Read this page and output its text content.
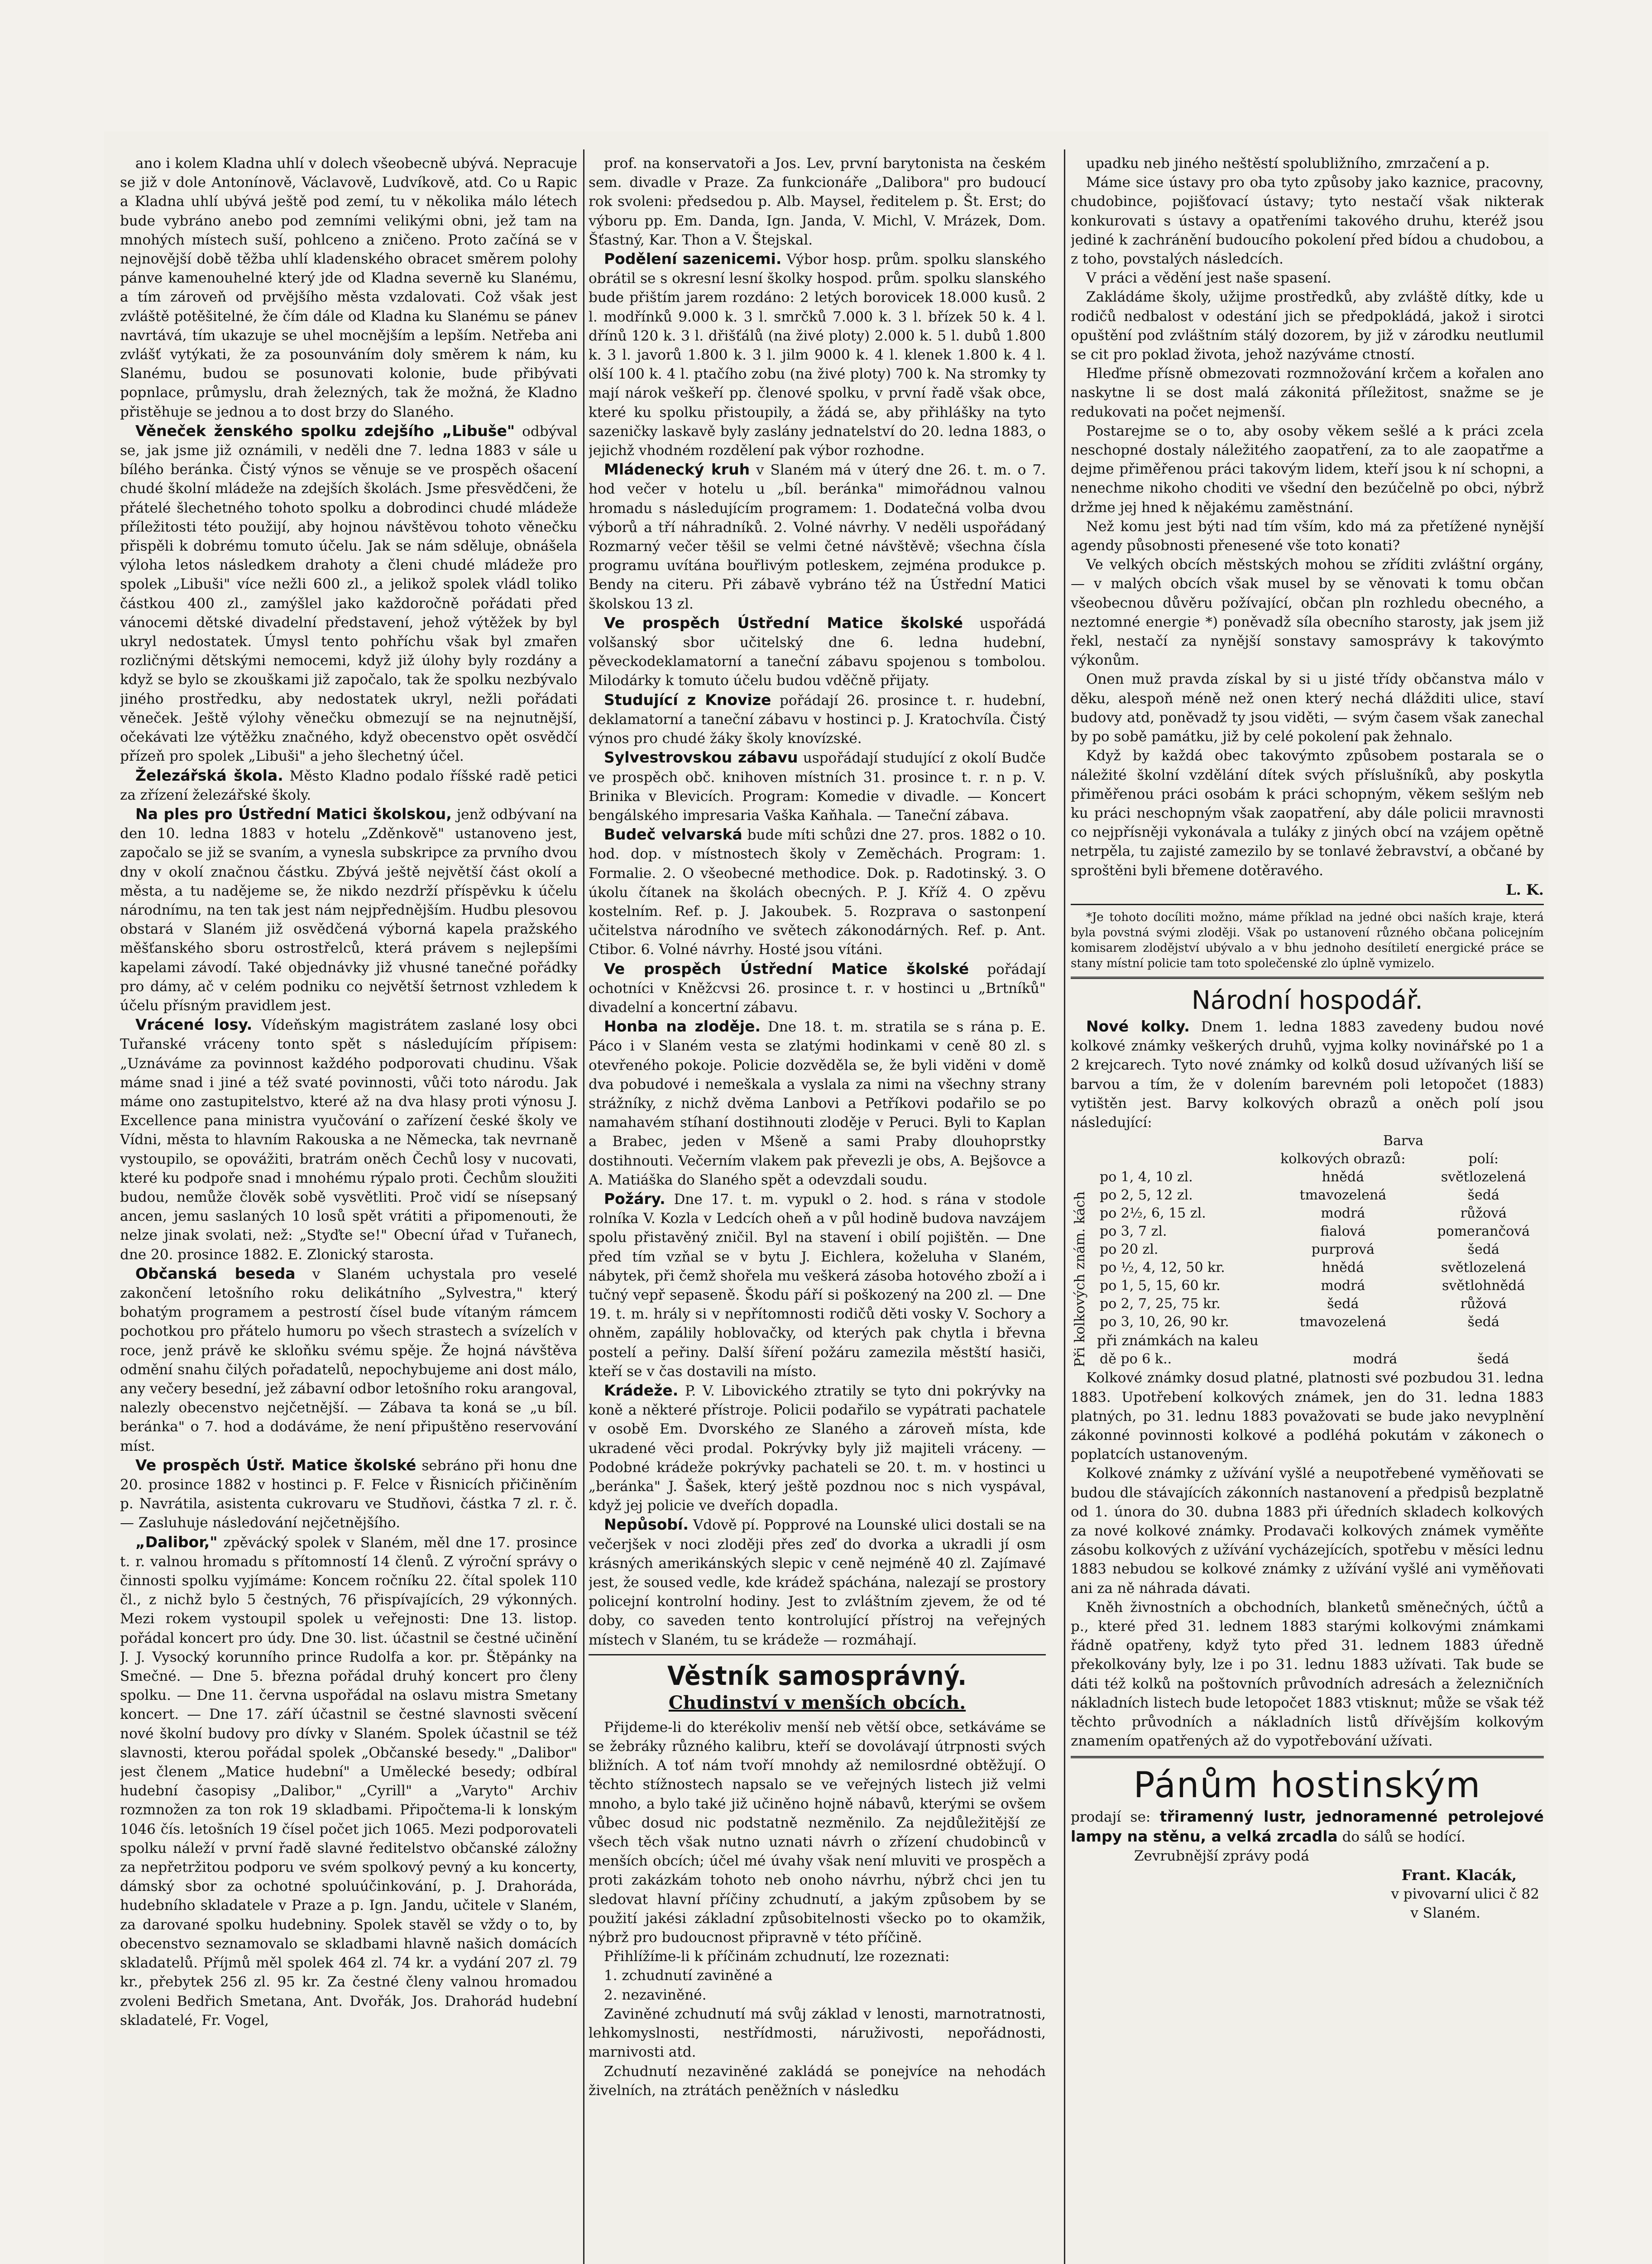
ano i kolem Kladna uhlí v dolech všeobecně ubývá. Nepracuje se již v dole Antonínově, Václavově, Ludvíkově, atd. Co u Rapic a Kladna uhlí ubývá ještě pod zemí, tu v několika málo létech bude vybráno anebo pod zemními velikými obni, jež tam na mnohých místech suší, pohlceno a zničeno. Proto začíná se v nejnovější době těžba uhlí kladenského obracet směrem polohy pánve kamenouhelné který jde od Kladna severně ku Slanému, a tím zároveň od prvějšího města vzdalovati. Což však jest zvláště potěšitelné, že čím dále od Kladna ku Slanému se pánev navrtává, tím ukazuje se uhel mocnějším a lepším. Netřeba ani zvlášť vytýkati, že za posounváním doly směrem k nám, ku Slanému, budou se posunovati kolonie, bude přibývati popnlace, průmyslu, drah železných, tak že možná, že Kladno přistěhuje se jednou a to dost brzy do Slaného.

Věneček ženského spolku zdejšího „Libuše" odbýval se, jak jsme již oznámili, v neděli dne 7. ledna 1883 v sále u bílého beránka. Čistý výnos se věnuje se ve prospěch ošacení chudé školní mládeže na zdejších školách. Jsme přesvědčeni, že přátelé šlechetného tohoto spolku a dobrodinci chudé mládeže příležitosti této použijí, aby hojnou návštěvou tohoto věnečku přispěli k dobrému tomuto účelu. Jak se nám sděluje, obnášela výloha letos následkem drahoty a členi chudé mládeže pro spolek „Libuši" více nežli 600 zl., a jelikož spolek vládl toliko částkou 400 zl., zamýšlel jako každoročně pořádati před vánocemi dětské divadelní představení, jehož výtěžek by byl ukryl nedostatek. Úmysl tento pohříchu však byl zmařen rozličnými dětskými nemocemi, když již úlohy byly rozdány a když se bylo se zkouškami již započalo, tak že spolku nezbývalo jiného prostředku, aby nedostatek ukryl, nežli pořádati věneček. Ještě výlohy věnečku obmezují se na nejnutnější, očekávati lze výtěžku značného, když obecenstvo opět osvědčí přízeň pro spolek „Libuši" a jeho šlechetný účel.

Železářská škola. Město Kladno podalo říšské radě petici za zřízení železářské školy.

Na ples pro Ústřední Matici školskou, jenž odbývaní na den 10. ledna 1883 v hotelu „Zděnkově" ustanoveno jest, započalo se již se svaním, a vynesla subskripce za prvního dvou dny v okolí značnou částku. Zbývá ještě největší část okolí a města, a tu nadějeme se, že nikdo nezdrží příspěvku k účelu národnímu, na ten tak jest nám nejpřednějším. Hudbu plesovou obstará v Slaném již osvědčená výborná kapela pražského měšťanského sboru ostrostřelců, která právem s nejlepšími kapelami závodí. Také objednávky již vhusné tanečné pořádky pro dámy, ač v celém podniku co největší šetrnost vzhledem k účelu přísným pravidlem jest.

Vrácené losy. Vídeňským magistrátem zaslané losy obci Tuřanské vráceny tonto spět s následujícím přípisem: „Uznáváme za povinnost každého podporovati chudinu. Však máme snad i jiné a též svaté povinnosti, vůči toto národu. Jak máme ono zastupitelstvo, které až na dva hlasy proti výnosu J. Excellence pana ministra vyučování o zařízení české školy ve Vídni, města to hlavním Rakouska a ne Německa, tak nevrnaně vystoupilo, se opovážiti, bratrám oněch Čechů losy v nucovati, které ku podpoře snad i mnohému rýpalo proti. Čechům sloužiti budou, nemůže člověk sobě vysvětliti. Proč vidí se nísepsaný ancen, jemu saslaných 10 losů spět vrátiti a připomenouti, že nelze jinak svolati, než: „Styďte se!" Obecní úřad v Tuřanech, dne 20. prosince 1882. E. Zlonický starosta.

Občanská beseda v Slaném uchystala pro veselé zakončení letošního roku delikátního „Sylvestra," který bohatým programem a pestrostí čísel bude vítaným rámcem pochotkou pro přátelo humoru po všech strastech a svízelích v roce, jenž právě ke skloňku svému spěje. Že hojná návštěva odmění snahu čilých pořadatelů, nepochybujeme ani dost málo, any večery besední, jež zábavní odbor letošního roku arangoval, nalezly obecenstvo nejčetnější. — Zábava ta koná se „u bíl. beránka" o 7. hod a dodáváme, že není připuštěno reservování míst.

Ve prospěch Ústř. Matice školské sebráno při honu dne 20. prosince 1882 v hostinci p. F. Felce v Řisnicích přičiněním p. Navrátila, asistenta cukrovaru ve Studňovi, částka 7 zl. r. č. — Zasluhuje následování nejčetnějšího.

„Dalibor," zpěvácký spolek v Slaném, měl dne 17. prosince t. r. valnou hromadu s přítomností 14 členů. Z výroční správy o činnosti spolku vyjímáme: Koncem ročníku 22. čítal spolek 110 čl., z nichž bylo 5 čestných, 76 přispívajících, 29 výkonných. Mezi rokem vystoupil spolek u veřejnosti: Dne 13. listop. pořádal koncert pro údy. Dne 30. list. účastnil se čestné učinění J. J. Vysocký korunního prince Rudolfa a kor. pr. Štěpánky na Smečné. — Dne 5. března pořádal druhý koncert pro členy spolku. — Dne 11. června uspořádal na oslavu mistra Smetany koncert. — Dne 17. září účastnil se čestné slavnosti svěcení nové školní budovy pro dívky v Slaném. Spolek účastnil se též slavnosti, kterou pořádal spolek „Občanské besedy." „Dalibor" jest členem „Matice hudební" a Umělecké besedy; odbíral hudební časopisy „Dalibor," „Cyrill" a „Varyto" Archiv rozmnožen za ton rok 19 skladbami. Připočtema-li k lonským 1046 čís. letošních 19 čísel počet jich 1065. Mezi podporovateli spolku náleží v první řadě slavné ředitelstvo občanské záložny za nepřetržitou podporu ve svém spolkový pevný a ku koncerty, dámský sbor za ochotné spoluúčinkování, p. J. Drahoráda, hudebního skladatele v Praze a p. Ign. Jandu, učitele v Slaném, za darované spolku hudebniny. Spolek stavěl se vždy o to, by obecenstvo seznamovalo se skladbami hlavně našich domácích skladatelů. Příjmů měl spolek 464 zl. 74 kr. a vydání 207 zl. 79 kr., přebytek 256 zl. 95 kr. Za čestné členy valnou hromadou zvoleni Bedřich Smetana, Ant. Dvořák, Jos. Drahorád hudební skladatelé, Fr. Vogel,

prof. na konservatoři a Jos. Lev, první barytonista na českém sem. divadle v Praze. Za funkcionáře „Dalibora" pro budoucí rok svoleni: předsedou p. Alb. Maysel, ředitelem p. Št. Erst; do výboru pp. Em. Danda, Ign. Janda, V. Michl, V. Mrázek, Dom. Šťastný, Kar. Thon a V. Štejskal.

Podělení sazenicemi. Výbor hosp. prům. spolku slanského obrátil se s okresní lesní školky hospod. prům. spolku slanského bude přištím jarem rozdáno: 2 letých borovicek 18.000 kusů. 2 l. modřínků 9.000 k. 3 l. smrčků 7.000 k. 3 l. břízek 50 k. 4 l. dřínů 120 k. 3 l. dřišťálů (na živé ploty) 2.000 k. 5 l. dubů 1.800 k. 3 l. javorů 1.800 k. 3 l. jilm 9000 k. 4 l. klenek 1.800 k. 4 l. olší 100 k. 4 l. ptačího zobu (na živé ploty) 700 k. Na stromky ty mají nárok veškeří pp. členové spolku, v první řadě však obce, které ku spolku přistoupily, a žádá se, aby přihlášky na tyto sazeničky laskavě byly zaslány jednatelství do 20. ledna 1883, o jejichž vhodném rozdělení pak výbor rozhodne.

Mládenecký kruh v Slaném má v úterý dne 26. t. m. o 7. hod večer v hotelu u „bíl. beránka" mimořádnou valnou hromadu s následujícím programem: 1. Dodatečná volba dvou výborů a tří náhradníků. 2. Volné návrhy. V neděli uspořádaný Rozmarný večer těšil se velmi četné návštěvě; všechna čísla programu uvítána bouřlivým potleskem, zejména produkce p. Bendy na citeru. Při zábavě vybráno též na Ústřední Matici školskou 13 zl.

Ve prospěch Ústřední Matice školské uspořádá volšanský sbor učitelský dne 6. ledna hudební, pěveckodeklamatorní a taneční zábavu spojenou s tombolou. Milodárky k tomuto účelu budou vděčně přijaty.

Studující z Knovize pořádají 26. prosince t. r. hudební, deklamatorní a taneční zábavu v hostinci p. J. Kratochvíla. Čistý výnos pro chudé žáky školy knovízské.

Sylvestrovskou zábavu uspořádají studující z okolí Budče ve prospěch obč. knihoven místních 31. prosince t. r. n p. V. Brinika v Blevicích. Program: Komedie v divadle. — Koncert bengálského impresaria Vaška Kaňhala. — Taneční zábava.

Budeč velvarská bude míti schůzi dne 27. pros. 1882 o 10. hod. dop. v místnostech školy v Zeměchách. Program: 1. Formalie. 2. O všeobecné methodice. Dok. p. Radotinský. 3. O úkolu čítanek na školách obecných. P. J. Kříž 4. O zpěvu kostelním. Ref. p. J. Jakoubek. 5. Rozprava o sastonpení učitelstva národního ve světech zákonodárných. Ref. p. Ant. Ctibor. 6. Volné návrhy. Hosté jsou vítáni.

Ve prospěch Ústřední Matice školské pořádají ochotníci v Kněžcvsi 26. prosince t. r. v hostinci u „Brtníků" divadelní a koncertní zábavu.

Honba na zloděje. Dne 18. t. m. stratila se s rána p. E. Páco i v Slaném vesta se zlatými hodinkami v ceně 80 zl. s otevřeného pokoje. Policie dozvěděla se, že byli viděni v domě dva pobudové i nemeškala a vyslala za nimi na všechny strany strážníky, z nichž dvěma Lanbovi a Petříkovi podařilo se po namahavém stíhaní dostihnouti zloděje v Peruci. Byli to Kaplan a Brabec, jeden v Mšeně a sami Praby dlouhoprstky dostihnouti. Večerním vlakem pak převezli je obs, A. Bejšovce a A. Matiáška do Slaného spět a odevzdali soudu.

Požáry. Dne 17. t. m. vypukl o 2. hod. s rána v stodole rolníka V. Kozla v Ledcích oheň a v půl hodině budova navzájem spolu přistavěný zničil. Byl na stavení i obilí pojištěn. — Dne před tím vzňal se v bytu J. Eichlera, koželuha v Slaném, nábytek, při čemž shořela mu veškerá zásoba hotového zboží a i tučný vepř sepaseně. Škodu páří si poškozený na 200 zl. — Dne 19. t. m. hrály si v nepřítomnosti rodičů děti vosky V. Sochory a ohněm, zapálily hoblovačky, od kterých pak chytla i břevna postelí a peřiny. Další šíření požáru zamezila městští hasiči, kteří se v čas dostavili na místo.

Krádeže. P. V. Libovického ztratily se tyto dni pokrývky na koně a některé přístroje. Policii podařilo se vypátrati pachatele v osobě Em. Dvorského ze Slaného a zároveň místa, kde ukradené věci prodal. Pokrývky byly již majiteli vráceny. — Podobné krádeže pokrývky pachateli se 20. t. m. v hostinci u „beránka" J. Šašek, který ještě pozdnou noc s nich vyspával, když jej policie ve dveřích dopadla.

Nepůsobí. Vdově pí. Popprové na Lounské ulici dostali se na večerjšek v noci zloději přes zeď do dvorka a ukradli jí osm krásných amerikánských slepic v ceně nejméně 40 zl. Zajímavé jest, že soused vedle, kde krádež spáchána, nalezají se prostory policejní kontrolní hodiny. Jest to zvláštním zjevem, že od té doby, co saveden tento kontrolující přístroj na veřejných místech v Slaném, tu se krádeže — rozmáhají.

Věstník samosprávný.
Chudinství v menších obcích.

Přijdeme-li do kterékoliv menší neb větší obce, setkáváme se se žebráky různého kalibru, kteří se dovolávají útrpnosti svých bližních. A toť nám tvoří mnohdy až nemilosrdné obtěžují. O těchto stížnostech napsalo se ve veřejných listech již velmi mnoho, a bylo také již učiněno hojně nábavů, kterými se ovšem vůbec dosud nic podstatně nezměnilo. Za nejdůležitější ze všech těch však nutno uznati návrh o zřízení chudobinců v menších obcích; účel mé úvahy však není mluviti ve prospěch a proti zakázkám tohoto neb onoho návrhu, nýbrž chci jen tu sledovat hlavní příčiny zchudnutí, a jakým způsobem by se použití jakési základní způsobitelnosti všecko po to okamžik, nýbrž pro budoucnost připravně v této příčině.

Přihlížíme-li k příčinám zchudnutí, lze rozeznati:

1. zchudnutí zaviněné a

2. nezaviněné.

Zaviněné zchudnutí má svůj základ v lenosti, marnotratnosti, lehkomyslnosti, nestřídmosti, náruživosti, nepořádnosti, marnivosti atd.

Zchudnutí nezaviněné zakládá se ponejvíce na nehodách živelních, na ztrátách peněžních v následku

upadku neb jiného neštěstí spolubližního, zmrzačení a p.

Máme sice ústavy pro oba tyto způsoby jako kaznice, pracovny, chudobince, pojišťovací ústavy; tyto nestačí však nikterak konkurovati s ústavy a opatřeními takového druhu, kteréž jsou jediné k zachránění budoucího pokolení před bídou a chudobou, a z toho, povstalých následcích.

V práci a vědění jest naše spasení.

Zakládáme školy, užijme prostředků, aby zvláště dítky, kde u rodičů nedbalost v odestání jich se předpokládá, jakož i sirotci opuštění pod zvláštním stálý dozorem, by již v zárodku neutlumil se cit pro poklad života, jehož nazýváme ctností.

Hleďme přísně obmezovati rozmnožování krčem a kořalen ano naskytne li se dost malá zákonitá příležitost, snažme se je redukovati na počet nejmenší.

Postarejme se o to, aby osoby věkem sešlé a k práci zcela neschopné dostaly náležitého zaopatření, za to ale zaopatřme a dejme přiměřenou práci takovým lidem, kteří jsou k ní schopni, a nenechme nikoho choditi ve všední den bezúčelně po obci, nýbrž držme jej hned k nějakému zaměstnání.

Než komu jest býti nad tím vším, kdo má za přetížené nynější agendy působnosti přenesené vše toto konati?

Ve velkých obcích městských mohou se zříditi zvláštní orgány, — v malých obcích však musel by se věnovati k tomu občan všeobecnou důvěru požívající, občan pln rozhledu obecného, a neztomné energie *) poněvadž síla obecního starosty, jak jsem již řekl, nestačí za nynější sonstavy samosprávy k takovýmto výkonům.

Onen muž pravda získal by si u jisté třídy občanstva málo v děku, alespoň méně než onen který nechá dlážditi ulice, staví budovy atd, poněvadž ty jsou viděti, — svým časem však zanechal by po sobě památku, již by celé pokolení pak žehnalo.

Když by každá obec takovýmto způsobem postarala se o náležité školní vzdělání dítek svých příslušníků, aby poskytla přiměřenou práci osobám k práci schopným, věkem sešlým neb ku práci neschopným však zaopatření, aby dále policii mravnosti co nejpřísněji vykonávala a tuláky z jiných obcí na vzájem opětně netrpěla, tu zajisté zamezilo by se tonlavé žebravství, a občané by sproštěni byli břemene dotěravého.

L. K.

*Je tohoto docíliti možno, máme příklad na jedné obci naších kraje, která byla povstná svými zloději. Však po ustanovení různého občana policejním komisarem zlodějství ubývalo a v bhu jednoho desítiletí energické práce se stany místní policie tam toto společenské zlo úplně vymizelo.

Národní hospodář.

Nové kolky. Dnem 1. ledna 1883 zavedeny budou nové kolkové známky veškerých druhů, vyjma kolky novinářské po 1 a 2 krejcarech. Tyto nové známky od kolků dosud užívaných liší se barvou a tím, že v dolením barevném poli letopočet (1883) vytištěn jest. Barvy kolkových obrazů a oněch polí jsou následující:

Při kolkových znám. kách
	Barva	
	kolkových obrazů:	polí:
po 1, 4, 10 zl.	hnědá	světlozelená
po 2, 5, 12 zl.	tmavozelená	šedá
po 2½, 6, 15 zl.	modrá	růžová
po 3, 7 zl.	fialová	pomerančová
po 20 zl.	purprová	šedá
po ½, 4, 12, 50 kr.	hnědá	světlozelená
po 1, 5, 15, 60 kr.	modrá	světlohnědá
po 2, 7, 25, 75 kr.	šedá	růžová
po 3, 10, 26, 90 kr.	tmavozelená	šedá
při známkách na kaleu
dě po 6 k..	modrá	šedá

Kolkové známky dosud platné, platnosti své pozbudou 31. ledna 1883. Upotřebení kolkových známek, jen do 31. ledna 1883 platných, po 31. lednu 1883 považovati se bude jako nevyplnění zákonné povinnosti kolkové a podléhá pokutám v zákonech o poplatcích ustanoveným.

Kolkové známky z užívání vyšlé a neupotřebené vyměňovati se budou dle stávajících zákonních nastanovení a předpisů bezplatně od 1. února do 30. dubna 1883 při úředních skladech kolkových za nové kolkové známky. Prodavači kolkových známek vyměňte zásobu kolkových z užívání vycházejících, spotřebu v měsíci lednu 1883 nebudou se kolkové známky z užívání vyšlé ani vyměňovati ani za ně náhrada dávati.

Kněh živnostních a obchodních, blanketů směnečných, účtů a p., které před 31. lednem 1883 starými kolkovými známkami řádně opatřeny, když tyto před 31. lednem 1883 úředně překolkovány byly, lze i po 31. lednu 1883 užívati. Tak bude se dáti též kolků na poštovních průvodních adresách a železničních nákladních listech bude letopočet 1883 vtisknut; může se však též těchto průvodních a nákladních listů dřívějším kolkovým znamením opatřených až do vypotřebování užívati.

Pánům hostinským

prodají se: třiramenný lustr, jednoramenné petrolejové lampy na stěnu, a velká zrcadla do sálů se hodící.

Zevrubnější zprávy podá

Frant. Klacák,
v pivovarní ulici č 82
v Slaném.
